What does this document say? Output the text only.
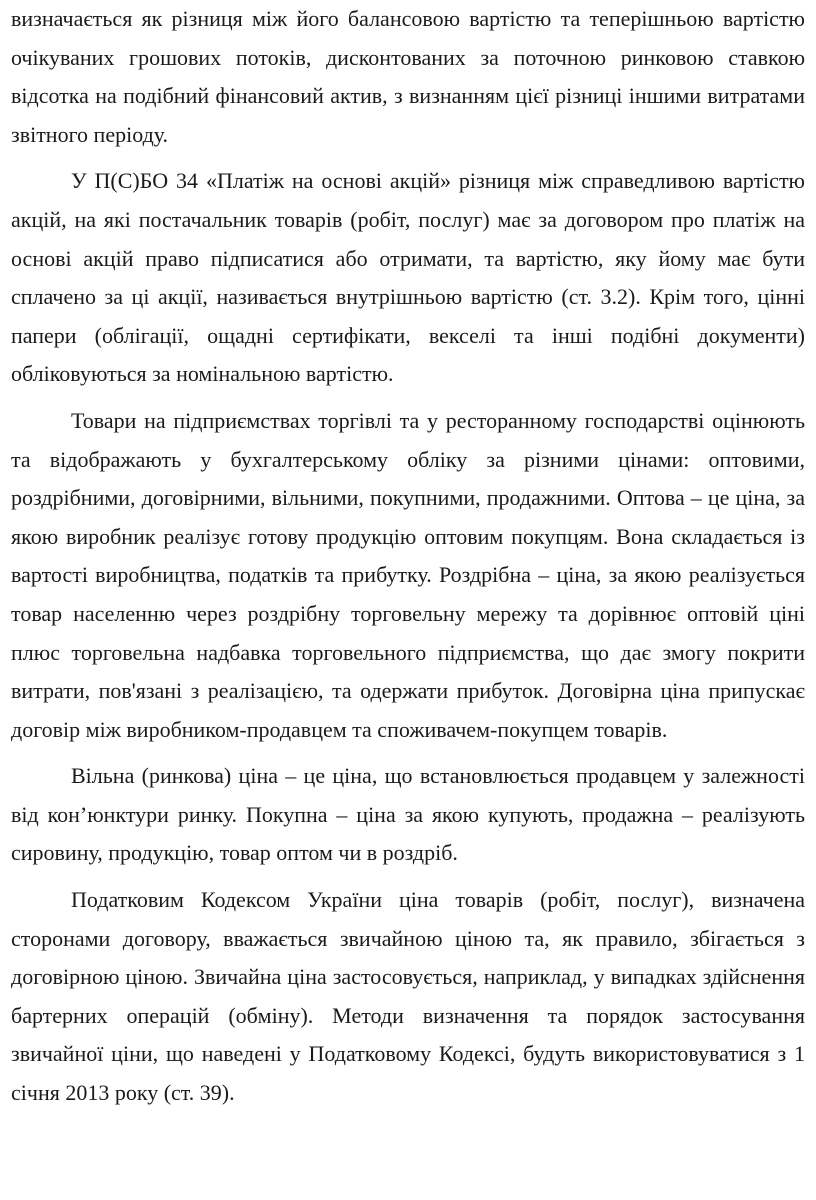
визначається як різниця між його балансовою вартістю та теперішньою вартістю очікуваних грошових потоків, дисконтованих за поточною ринковою ставкою відсотка на подібний фінансовий актив, з визнанням цієї різниці іншими витратами звітного періоду.

У П(С)БО 34 «Платіж на основі акцій» різниця між справедливою вартістю акцій, на які постачальник товарів (робіт, послуг) має за договором про платіж на основі акцій право підписатися або отримати, та вартістю, яку йому має бути сплачено за ці акції, називається внутрішньою вартістю (ст. 3.2). Крім того, цінні папери (облігації, ощадні сертифікати, векселі та інші подібні документи) обліковуються за номінальною вартістю.

Товари на підприємствах торгівлі та у ресторанному господарстві оцінюють та відображають у бухгалтерському обліку за різними цінами: оптовими, роздрібними, договірними, вільними, покупними, продажними. Оптова – це ціна, за якою виробник реалізує готову продукцію оптовим покупцям. Вона складається із вартості виробництва, податків та прибутку. Роздрібна – ціна, за якою реалізується товар населенню через роздрібну торговельну мережу та дорівнює оптовій ціні плюс торговельна надбавка торговельного підприємства, що дає змогу покрити витрати, пов'язані з реалізацією, та одержати прибуток. Договірна ціна припускає договір між виробником-продавцем та споживачем-покупцем товарів.

Вільна (ринкова) ціна – це ціна, що встановлюється продавцем у залежності від кон’юнктури ринку. Покупна – ціна за якою купують, продажна – реалізують сировину, продукцію, товар оптом чи в роздріб.

Податковим Кодексом України ціна товарів (робіт, послуг), визначена сторонами договору, вважається звичайною ціною та, як правило, збігається з договірною ціною. Звичайна ціна застосовується, наприклад, у випадках здійснення бартерних операцій (обміну). Методи визначення та порядок застосування звичайної ціни, що наведені у Податковому Кодексі, будуть використовуватися з 1 січня 2013 року (ст. 39).
